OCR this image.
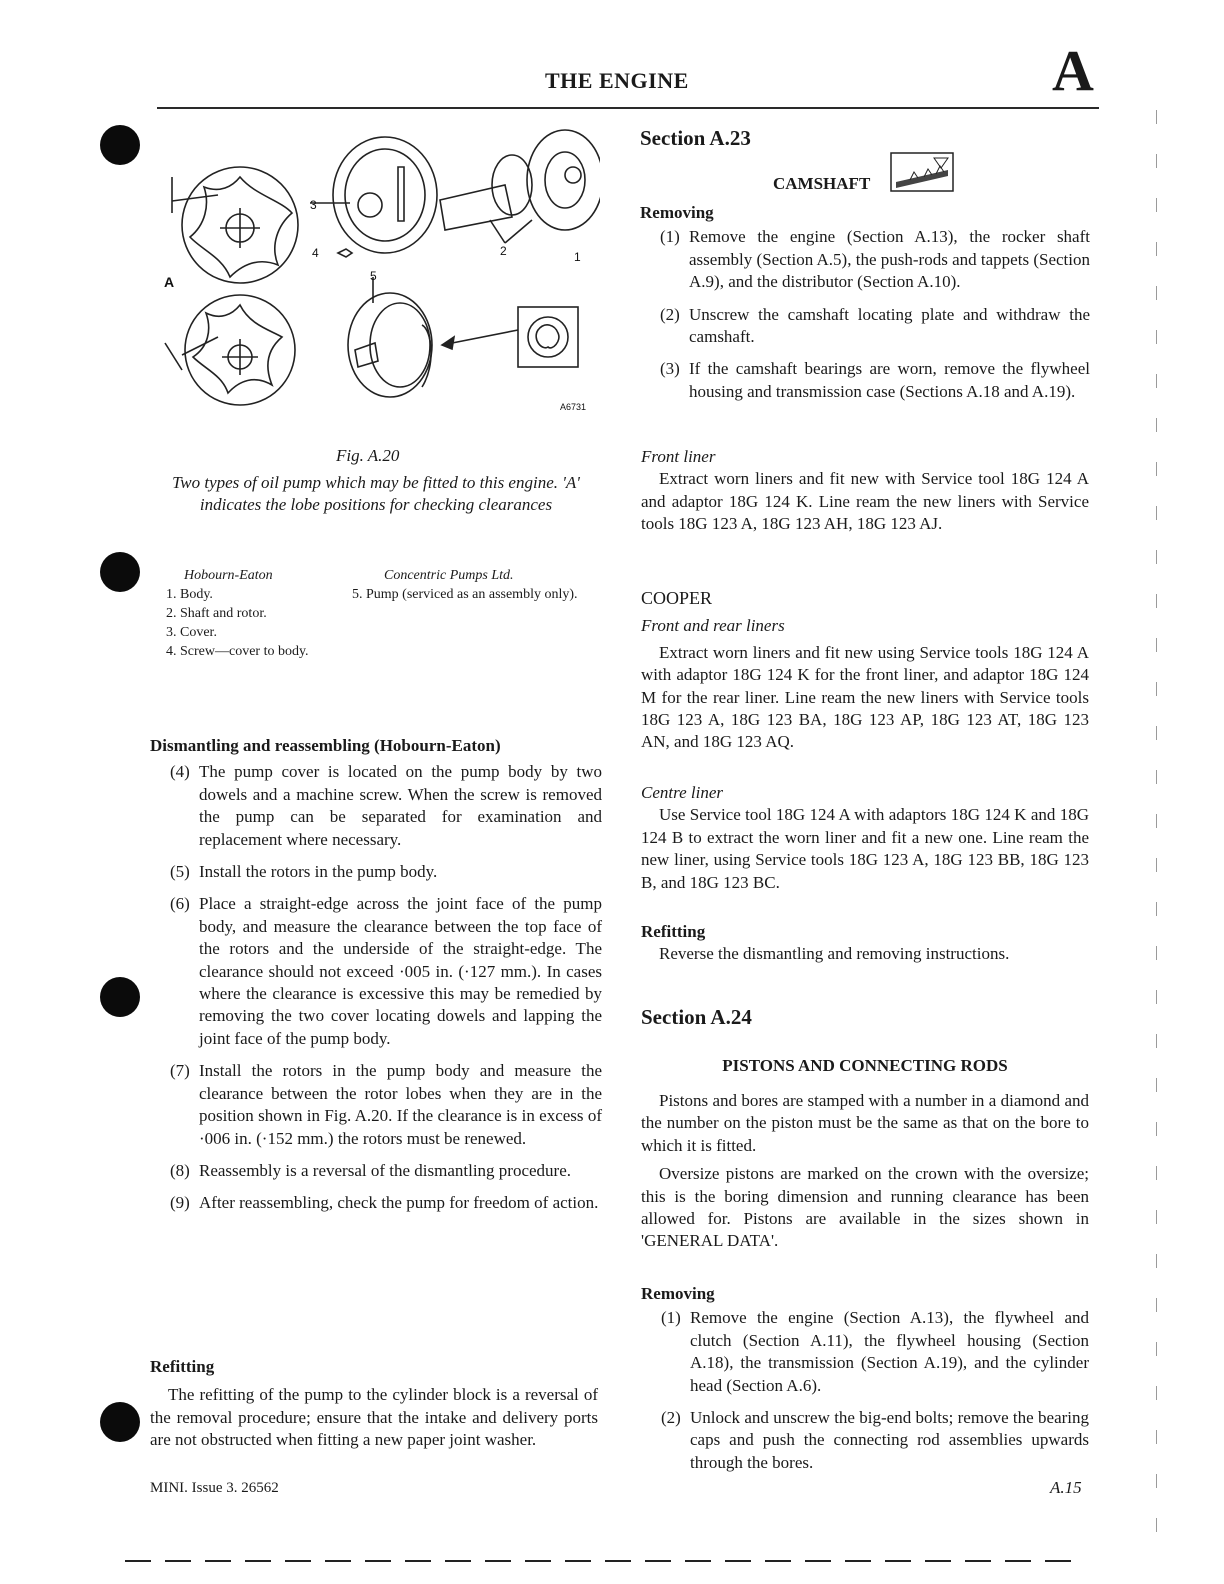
THE ENGINE	A
3
4	2	1
5
A
A6731
Fig. A.20
Two types of oil pump which may be fitted to this engine. 'A' indicates the lobe positions for checking clearances
Hobourn-Eaton
1. Body.
2. Shaft and rotor.
3. Cover.
4. Screw—cover to body.
Concentric Pumps Ltd.
5. Pump (serviced as an assembly only).
Dismantling and reassembling (Hobourn-Eaton)
(4) The pump cover is located on the pump body by two dowels and a machine screw. When the screw is removed the pump can be separated for examination and replacement where necessary.
(5) Install the rotors in the pump body.
(6) Place a straight-edge across the joint face of the pump body, and measure the clearance between the top face of the rotors and the underside of the straight-edge. The clearance should not exceed ·005 in. (·127 mm.). In cases where the clearance is excessive this may be remedied by removing the two cover locating dowels and lapping the joint face of the pump body.
(7) Install the rotors in the pump body and measure the clearance between the rotor lobes when they are in the position shown in Fig. A.20. If the clearance is in excess of ·006 in. (·152 mm.) the rotors must be renewed.
(8) Reassembly is a reversal of the dismantling procedure.
(9) After reassembling, check the pump for freedom of action.
Refitting
The refitting of the pump to the cylinder block is a reversal of the removal procedure; ensure that the intake and delivery ports are not obstructed when fitting a new paper joint washer.
Section A.23
CAMSHAFT
Removing
(1) Remove the engine (Section A.13), the rocker shaft assembly (Section A.5), the push-rods and tappets (Section A.9), and the distributor (Section A.10).
(2) Unscrew the camshaft locating plate and withdraw the camshaft.
(3) If the camshaft bearings are worn, remove the flywheel housing and transmission case (Sections A.18 and A.19).
Front liner
Extract worn liners and fit new with Service tool 18G 124 A and adaptor 18G 124 K. Line ream the new liners with Service tools 18G 123 A, 18G 123 AH, 18G 123 AJ.
COOPER
Front and rear liners
Extract worn liners and fit new using Service tools 18G 124 A with adaptor 18G 124 K for the front liner, and adaptor 18G 124 M for the rear liner. Line ream the new liners with Service tools 18G 123 A, 18G 123 BA, 18G 123 AP, 18G 123 AT, 18G 123 AN, and 18G 123 AQ.
Centre liner
Use Service tool 18G 124 A with adaptors 18G 124 K and 18G 124 B to extract the worn liner and fit a new one. Line ream the new liner, using Service tools 18G 123 A, 18G 123 BB, 18G 123 B, and 18G 123 BC.
Refitting
Reverse the dismantling and removing instructions.
Section A.24
PISTONS AND CONNECTING RODS
Pistons and bores are stamped with a number in a diamond and the number on the piston must be the same as that on the bore to which it is fitted.
Oversize pistons are marked on the crown with the oversize; this is the boring dimension and running clearance has been allowed for. Pistons are available in the sizes shown in 'GENERAL DATA'.
Removing
(1) Remove the engine (Section A.13), the flywheel and clutch (Section A.11), the flywheel housing (Section A.18), the transmission (Section A.19), and the cylinder head (Section A.6).
(2) Unlock and unscrew the big-end bolts; remove the bearing caps and push the connecting rod assemblies upwards through the bores.
MINI. Issue 3. 26562	A.15
